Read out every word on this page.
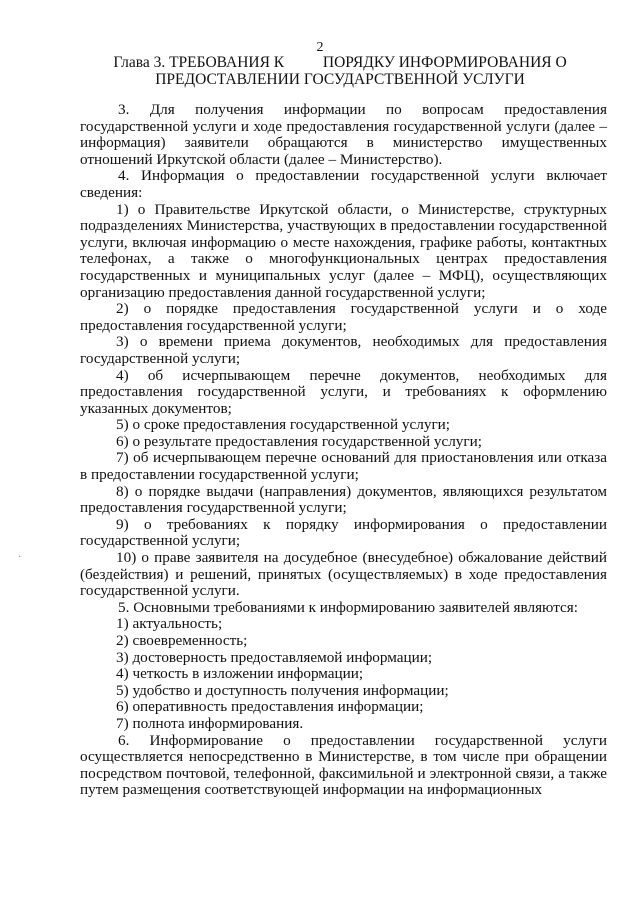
2
Глава 3. ТРЕБОВАНИЯ К          ПОРЯДКУ ИНФОРМИРОВАНИЯ О
ПРЕДОСТАВЛЕНИИ ГОСУДАРСТВЕННОЙ УСЛУГИ
·

3. Для получения информации по вопросам предоставления государственной услуги и ходе предоставления государственной услуги (далее – информация) заявители обращаются в министерство имущественных отношений Иркутской области (далее – Министерство).

4. Информация о предоставлении государственной услуги включает сведения:

1) о Правительстве Иркутской области, о Министерстве, структурных подразделениях Министерства, участвующих в предоставлении государственной услуги, включая информацию о месте нахождения, графике работы, контактных телефонах, а также о многофункциональных центрах предоставления государственных и муниципальных услуг (далее – МФЦ), осуществляющих организацию предоставления данной государственной услуги;

2) о порядке предоставления государственной услуги и о ходе предоставления государственной услуги;

3) о времени приема документов, необходимых для предоставления государственной услуги;

4) об исчерпывающем перечне документов, необходимых для предоставления государственной услуги, и требованиях к оформлению указанных документов;

5) о сроке предоставления государственной услуги;

6) о результате предоставления государственной услуги;

7) об исчерпывающем перечне оснований для приостановления или отказа в предоставлении государственной услуги;

8) о порядке выдачи (направления) документов, являющихся результатом предоставления государственной услуги;

9) о требованиях к порядку информирования о предоставлении государственной услуги;

10) о праве заявителя на досудебное (внесудебное) обжалование действий (бездействия) и решений, принятых (осуществляемых) в ходе предоставления государственной услуги.

5. Основными требованиями к информированию заявителей являются:

1) актуальность;

2) своевременность;

3) достоверность предоставляемой информации;

4) четкость в изложении информации;

5) удобство и доступность получения информации;

6) оперативность предоставления информации;

7) полнота информирования.

6. Информирование о предоставлении государственной услуги осуществляется непосредственно в Министерстве, в том числе при обращении посредством почтовой, телефонной, факсимильной и электронной связи, а также путем размещения соответствующей информации на информационных
